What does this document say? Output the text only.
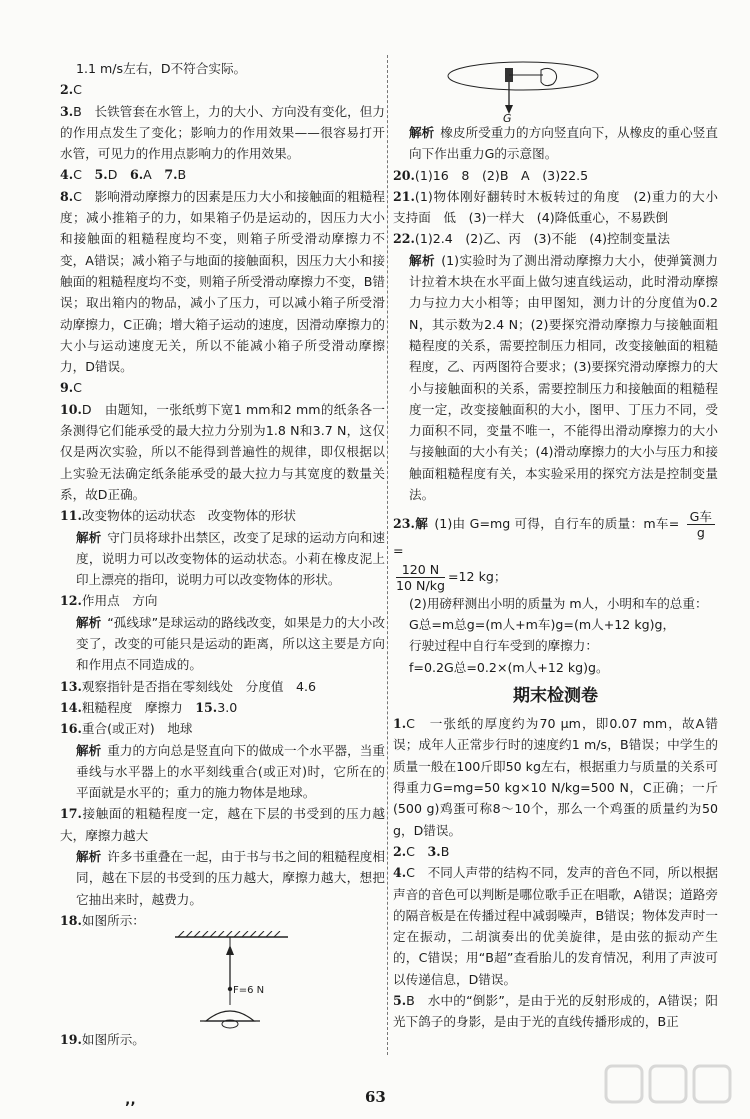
1.1 m/s左右，D不符合实际。

2.C

3.B　 长铁管套在水管上，力的大小、方向没有变化，但力的作用点发生了变化；影响力的作用效果——很容易打开水管，可见力的作用点影响力的作用效果。

4.C　 5.D　 6.A　 7.B

8.C　 影响滑动摩擦力的因素是压力大小和接触面的粗糙程度；减小推箱子的力，如果箱子仍是运动的，因压力大小和接触面的粗糙程度均不变，则箱子所受滑动摩擦力不变，A错误；减小箱子与地面的接触面积，因压力大小和接触面的粗糙程度均不变，则箱子所受滑动摩擦力不变，B错误；取出箱内的物品，减小了压力，可以减小箱子所受滑动摩擦力，C正确；增大箱子运动的速度，因滑动摩擦力的大小与运动速度无关，所以不能减小箱子所受滑动摩擦力，D错误。

9.C

10.D　 由题知，一张纸剪下宽1 mm和2 mm的纸条各一条测得它们能承受的最大拉力分别为1.8 N和3.7 N，这仅仅是两次实验，所以不能得到普遍性的规律，即仅根据以上实验无法确定纸条能承受的最大拉力与其宽度的数量关系，故D正确。

11.改变物体的运动状态　 改变物体的形状

解析 守门员将球扑出禁区，改变了足球的运动方向和速度，说明力可以改变物体的运动状态。小莉在橡皮泥上印上漂亮的指印，说明力可以改变物体的形状。

12.作用点　 方向

解析 “孤线球”是球运动的路线改变，如果是力的大小改变了，改变的可能只是运动的距离，所以这主要是方向和作用点不同造成的。

13.观察指针是否指在零刻线处　 分度值　 4.6

14.粗糙程度　 摩擦力　 15.3.0

16.重合(或正对)　 地球

解析 重力的方向总是竖直向下的做成一个水平器，当重垂线与水平器上的水平刻线重合(或正对)时，它所在的平面就是水平的；重力的施力物体是地球。

17.接触面的粗糙程度一定，越在下层的书受到的压力越大，摩擦力越大

解析 许多书重叠在一起，由于书与书之间的粗糙程度相同，越在下层的书受到的压力越大，摩擦力越大，想把它抽出来时，越费力。

18.如图所示：

F=6 N

19.如图所示。

G

解析 橡皮所受重力的方向竖直向下，从橡皮的重心竖直向下作出重力G的示意图。

20.(1)16　8　(2)B　A　(3)22.5

21.(1)物体刚好翻转时木板转过的角度　(2)重力的大小　支持面　低　(3)一样大　(4)降低重心，不易跌倒

22.(1)2.4　(2)乙、丙　(3)不能　(4)控制变量法

解析 (1)实验时为了测出滑动摩擦力大小，使弹簧测力计拉着木块在水平面上做匀速直线运动，此时滑动摩擦力与拉力大小相等；由甲图知，测力计的分度值为0.2 N，其示数为2.4 N；(2)要探究滑动摩擦力与接触面粗糙程度的关系，需要控制压力相同，改变接触面的粗糙程度，乙、丙两图符合要求；(3)要探究滑动摩擦力的大小与接触面积的关系，需要控制压力和接触面的粗糙程度一定，改变接触面积的大小，图甲、丁压力不同，受力面积不同，变量不唯一，不能得出滑动摩擦力的大小与接触面的大小有关；(4)滑动摩擦力的大小与压力和接触面粗糙程度有关，本实验采用的探究方法是控制变量法。

23.解 (1)由 G=mg 可得，自行车的质量：m车= $\frac{\text{G车}}{g}$
=

$\frac{120 N}{10 N/kg} =12$ kg；

(2)用磅秤测出小明的质量为 m人，小明和车的总重：

G总=m总g=(m人+m车)g=(m人+12 kg)g，

行驶过程中自行车受到的摩擦力：

f=0.2G总=0.2×(m人+12 kg)g。

期末检测卷

1.C　 一张纸的厚度约为70 μm，即0.07 mm，故A错误；成年人正常步行时的速度约1 m/s，B错误；中学生的质量一般在100斤即50 kg左右，根据重力与质量的关系可得重力G=mg=50 kg×10 N/kg=500 N，C正确；一斤(500 g)鸡蛋可称8～10个，那么一个鸡蛋的质量约为50 g，D错误。

2.C　 3.B

4.C　 不同人声带的结构不同，发声的音色不同，所以根据声音的音色可以判断是哪位歌手正在唱歌，A错误；道路旁的隔音板是在传播过程中减弱噪声，B错误；物体发声时一定在振动，二胡演奏出的优美旋律，是由弦的振动产生的，C错误；用“B超”查看胎儿的发育情况，利用了声波可以传递信息，D错误。

5.B　 水中的“倒影”，是由于光的反射形成的，A错误；阳光下鸽子的身影，是由于光的直线传播形成的，B正

63
’’
